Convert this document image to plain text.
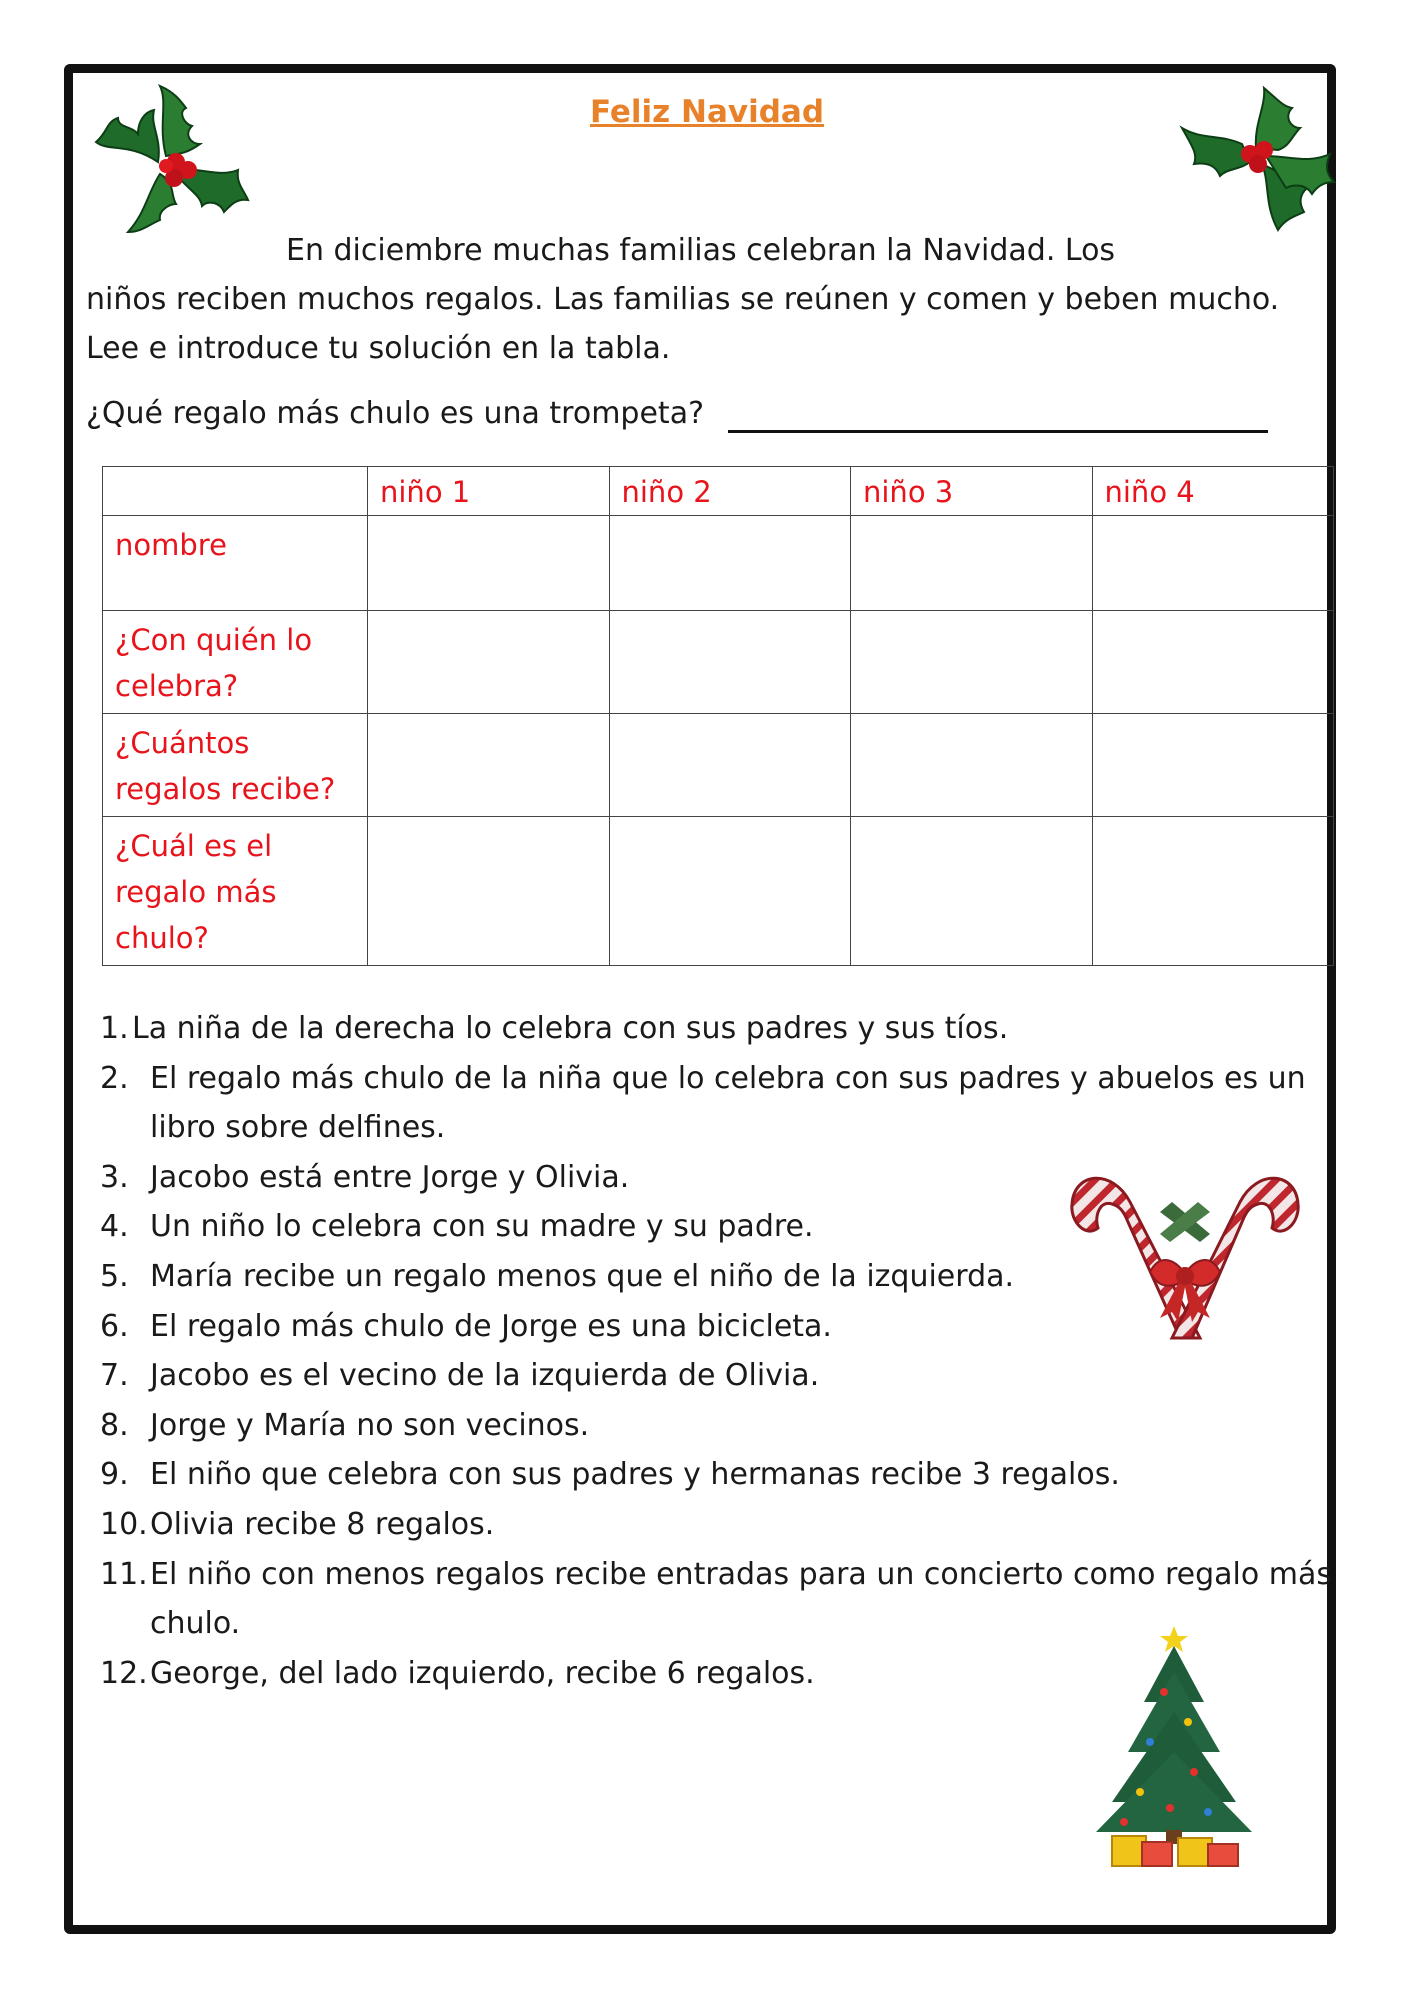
Feliz Navidad
En diciembre muchas familias celebran la Navidad. Los
niños reciben muchos regalos. Las familias se reúnen y comen y beben mucho.
Lee e introduce tu solución en la tabla.
¿Qué regalo más chulo es una trompeta?
	niño 1	niño 2	niño 3	niño 4
nombre				
¿Con quién lo celebra?				
¿Cuántos regalos recibe?				
¿Cuál es el regalo más chulo?				
1. La niña de la derecha lo celebra con sus padres y sus tíos.
2. El regalo más chulo de la niña que lo celebra con sus padres y abuelos es un libro sobre delfines.
3. Jacobo está entre Jorge y Olivia.
4. Un niño lo celebra con su madre y su padre.
5. María recibe un regalo menos que el niño de la izquierda.
6. El regalo más chulo de Jorge es una bicicleta.
7. Jacobo es el vecino de la izquierda de Olivia.
8. Jorge y María no son vecinos.
9. El niño que celebra con sus padres y hermanas recibe 3 regalos.
10. Olivia recibe 8 regalos.
11. El niño con menos regalos recibe entradas para un concierto como regalo más chulo.
12. George, del lado izquierdo, recibe 6 regalos.
